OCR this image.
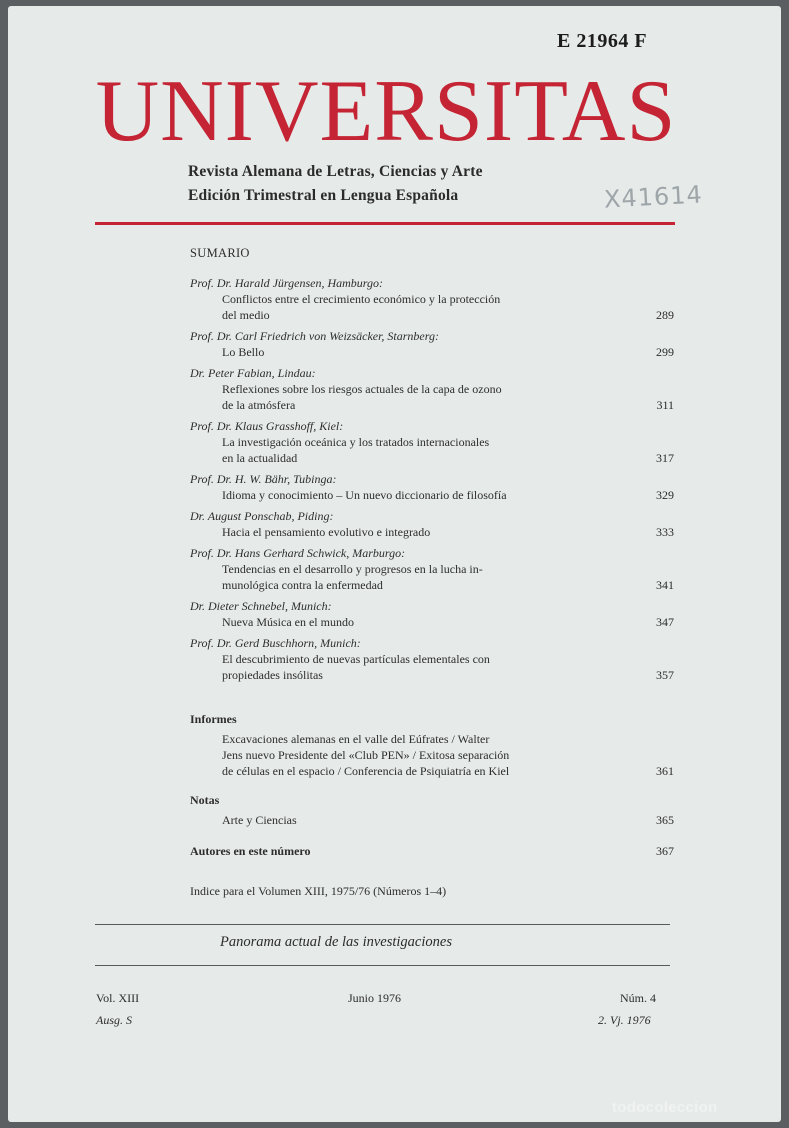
E 21964 F
UNIVERSITAS
Revista Alemana de Letras, Ciencias y Arte
Edición Trimestral en Lengua Española	X41614
SUMARIO
Prof. Dr. Harald Jürgensen, Hamburgo:
Conflictos entre el crecimiento económico y la protección
del medio	289
Prof. Dr. Carl Friedrich von Weizsäcker, Starnberg:
Lo Bello	299
Dr. Peter Fabian, Lindau:
Reflexiones sobre los riesgos actuales de la capa de ozono
de la atmósfera	311
Prof. Dr. Klaus Grasshoff, Kiel:
La investigación oceánica y los tratados internacionales
en la actualidad	317
Prof. Dr. H. W. Bähr, Tubinga:
Idioma y conocimiento – Un nuevo diccionario de filosofía	329
Dr. August Ponschab, Piding:
Hacia el pensamiento evolutivo e integrado	333
Prof. Dr. Hans Gerhard Schwick, Marburgo:
Tendencias en el desarrollo y progresos en la lucha in-
munológica contra la enfermedad	341
Dr. Dieter Schnebel, Munich:
Nueva Música en el mundo	347
Prof. Dr. Gerd Buschhorn, Munich:
El descubrimiento de nuevas partículas elementales con
propiedades insólitas	357
Informes
Excavaciones alemanas en el valle del Eúfrates / Walter
Jens nuevo Presidente del «Club PEN» / Exitosa separación
de células en el espacio / Conferencia de Psiquiatría en Kiel	361
Notas
Arte y Ciencias	365
Autores en este número	367
Indice para el Volumen XIII, 1975/76 (Números 1–4)
Panorama actual de las investigaciones
Vol. XIII	Junio 1976	Núm. 4
Ausg. S	2. Vj. 1976
todocoleccion
